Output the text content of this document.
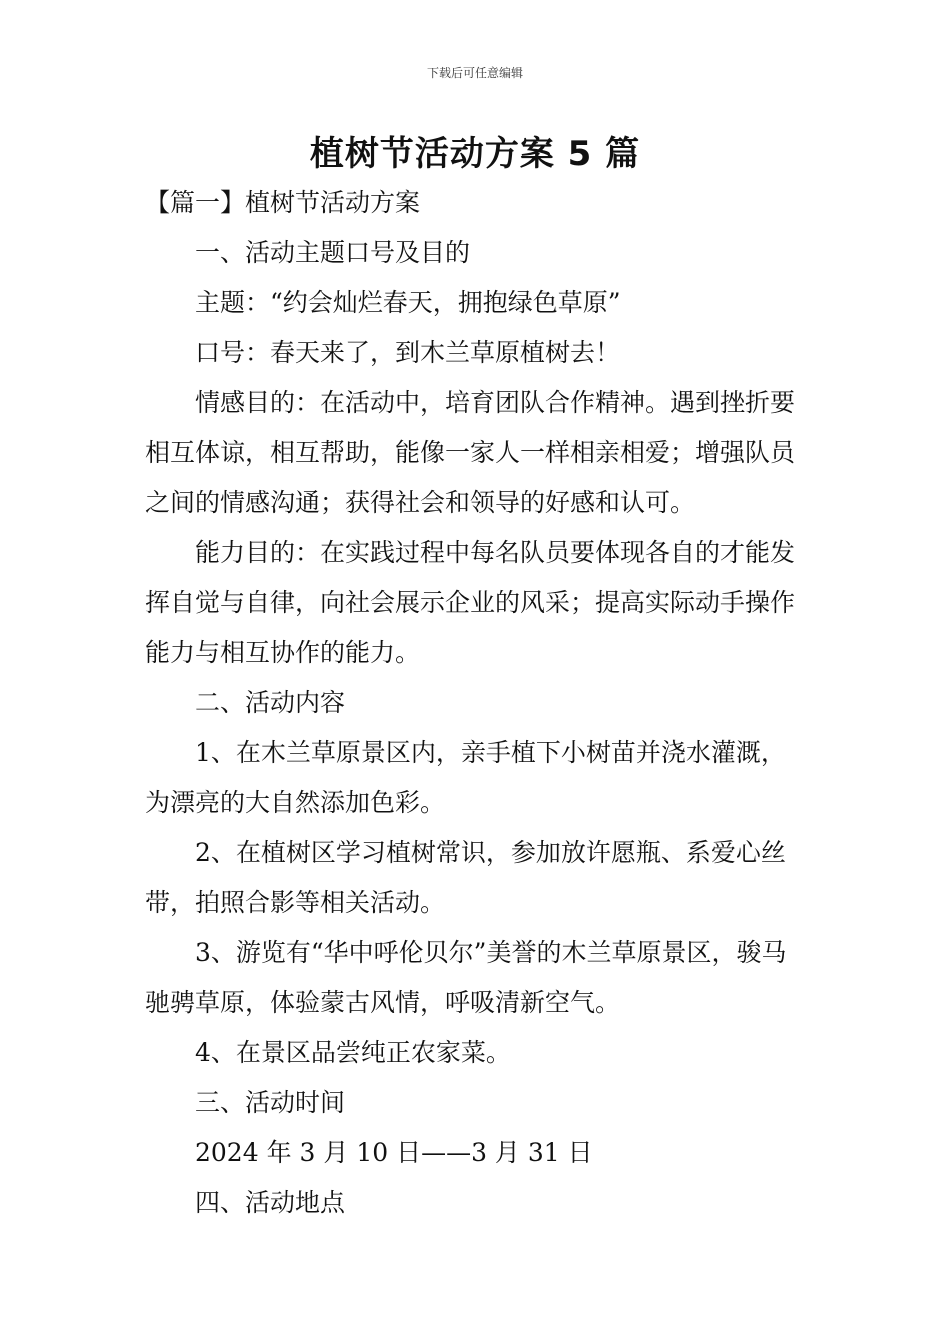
下载后可任意编辑
植树节活动方案 5 篇

【篇一】植树节活动方案

一、活动主题口号及目的

主题：“约会灿烂春天，拥抱绿色草原”

口号：春天来了，到木兰草原植树去！

情感目的：在活动中，培育团队合作精神。遇到挫折要相互体谅，相互帮助，能像一家人一样相亲相爱；增强队员之间的情感沟通；获得社会和领导的好感和认可。

能力目的：在实践过程中每名队员要体现各自的才能发挥自觉与自律，向社会展示企业的风采；提高实际动手操作能力与相互协作的能力。

二、活动内容

1、在木兰草原景区内，亲手植下小树苗并浇水灌溉，为漂亮的大自然添加色彩。

2、在植树区学习植树常识，参加放许愿瓶、系爱心丝带，拍照合影等相关活动。

3、游览有“华中呼伦贝尔”美誉的木兰草原景区，骏马驰骋草原，体验蒙古风情，呼吸清新空气。

4、在景区品尝纯正农家菜。

三、活动时间

2024 年 3 月 10 日——3 月 31 日

四、活动地点
